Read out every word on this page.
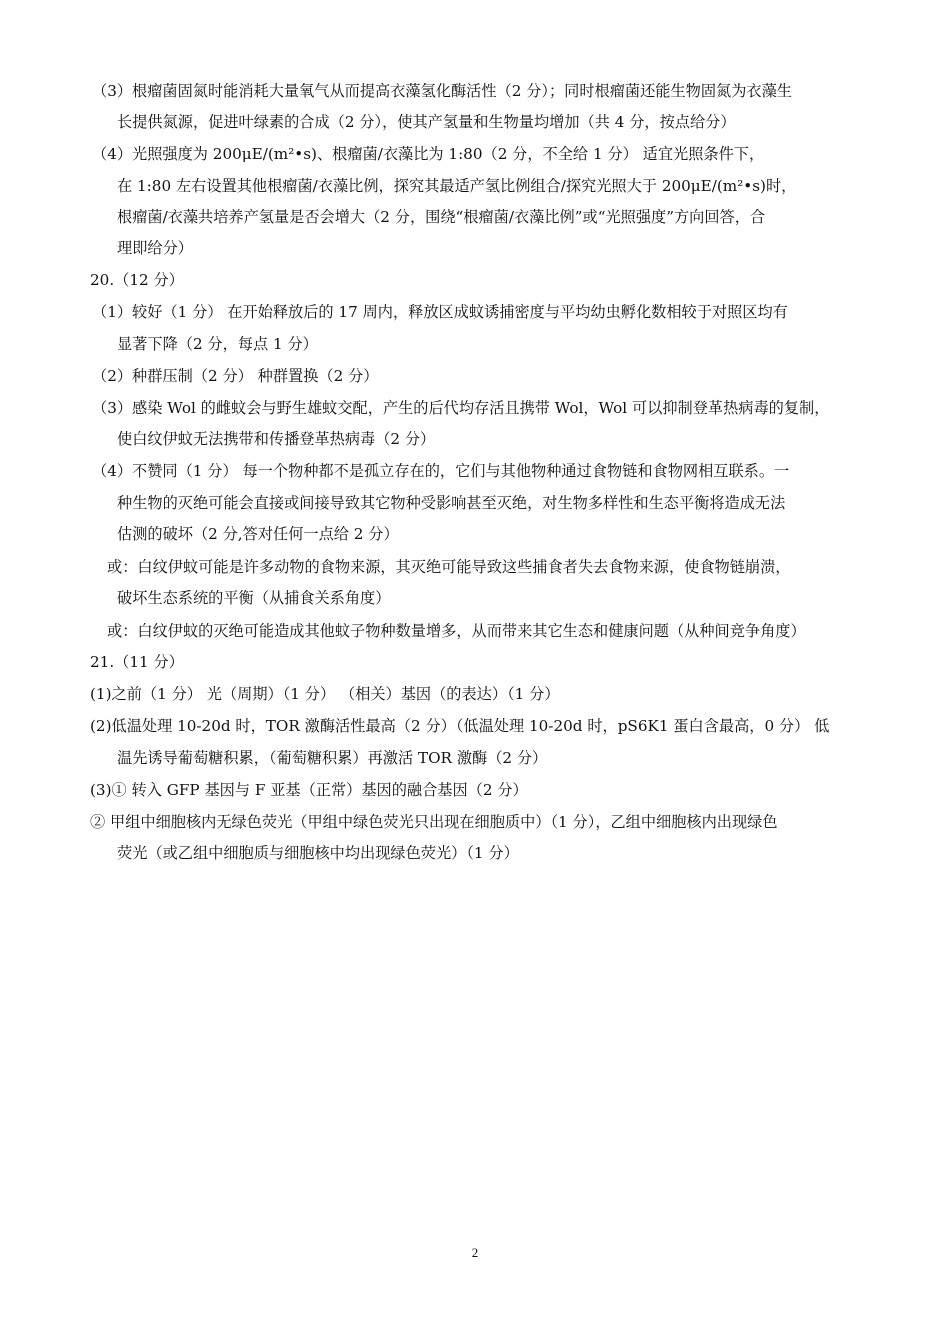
（3）根瘤菌固氮时能消耗大量氧气从而提高衣藻氢化酶活性（2 分）；同时根瘤菌还能生物固氮为衣藻生
长提供氮源，促进叶绿素的合成（2 分），使其产氢量和生物量均增加（共 4 分，按点给分）
（4）光照强度为 200μE/(m²•s)、根瘤菌/衣藻比为 1:80（2 分，不全给 1 分） 适宜光照条件下，
在 1:80 左右设置其他根瘤菌/衣藻比例，探究其最适产氢比例组合/探究光照大于 200μE/(m²•s)时，
根瘤菌/衣藻共培养产氢量是否会增大（2 分，围绕“根瘤菌/衣藻比例”或“光照强度”方向回答，合
理即给分）
20.（12 分）
（1）较好（1 分） 在开始释放后的 17 周内，释放区成蚊诱捕密度与平均幼虫孵化数相较于对照区均有
显著下降（2 分，每点 1 分）
（2）种群压制（2 分） 种群置换（2 分）
（3）感染 Wol 的雌蚊会与野生雄蚊交配，产生的后代均存活且携带 Wol，Wol 可以抑制登革热病毒的复制，
使白纹伊蚊无法携带和传播登革热病毒（2 分）
（4）不赞同（1 分） 每一个物种都不是孤立存在的，它们与其他物种通过食物链和食物网相互联系。一
种生物的灭绝可能会直接或间接导致其它物种受影响甚至灭绝，对生物多样性和生态平衡将造成无法
估测的破坏（2 分,答对任何一点给 2 分）
或：白纹伊蚊可能是许多动物的食物来源，其灭绝可能导致这些捕食者失去食物来源，使食物链崩溃，
破坏生态系统的平衡（从捕食关系角度）
或：白纹伊蚊的灭绝可能造成其他蚊子物种数量增多，从而带来其它生态和健康问题（从种间竞争角度）
21.（11 分）
(1)之前（1 分） 光（周期）（1 分） （相关）基因（的表达）（1 分）
(2)低温处理 10-20d 时，TOR 激酶活性最高（2 分）（低温处理 10-20d 时，pS6K1 蛋白含最高，0 分） 低
温先诱导葡萄糖积累，（葡萄糖积累）再激活 TOR 激酶（2 分）
(3)① 转入 GFP 基因与 F 亚基（正常）基因的融合基因（2 分）
② 甲组中细胞核内无绿色荧光（甲组中绿色荧光只出现在细胞质中）（1 分），乙组中细胞核内出现绿色
荧光（或乙组中细胞质与细胞核中均出现绿色荧光）（1 分）
2
